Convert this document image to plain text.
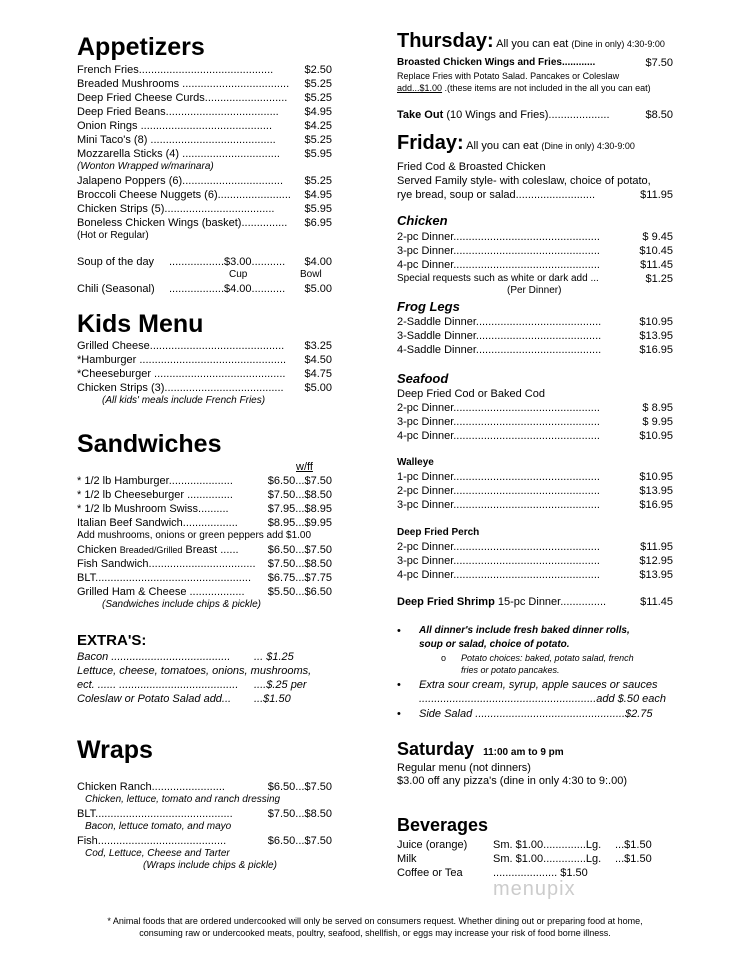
Appetizers
French Fries............................................	$2.50
Breaded Mushrooms ...................................	$5.25
Deep Fried Cheese Curds...........................	$5.25
Deep Fried Beans.....................................	$4.95
Onion Rings ...........................................	$4.25
Mini Taco's (8) .........................................	$5.25
Mozzarella Sticks (4) ................................	$5.95
(Wonton Wrapped w/marinara)
Jalapeno Poppers (6).................................	$5.25
Broccoli Cheese Nuggets (6)........................	$4.95
Chicken Strips (5)....................................	$5.95
Boneless Chicken Wings (basket)...............	$6.95
(Hot or Regular)
Soup of the day ..................$3.00........... $4.00
Cup	Bowl
Chili (Seasonal) ..................$4.00........... $5.00
Kids Menu
Grilled Cheese............................................	$3.25
*Hamburger ................................................	$4.50
*Cheeseburger ...........................................	$4.75
Chicken Strips (3).......................................	$5.00
(All kids' meals include French Fries)
Sandwiches
w/ff
* 1/2 lb Hamburger.....................	$6.50...$7.50
* 1/2 lb Cheeseburger ...............	$7.50...$8.50
* 1/2 lb Mushroom Swiss..........	$7.95...$8.95
Italian Beef Sandwich..................	$8.95...$9.95
Add mushrooms, onions or green peppers add $1.00
Chicken Breaded/Grilled Breast ......	$6.50...$7.50
Fish Sandwich...................................	$7.50...$8.50
BLT...................................................	$6.75...$7.75
Grilled Ham & Cheese ..................	$5.50...$6.50
(Sandwiches include chips & pickle)
EXTRA'S:
Bacon ....................................... ... $1.25
Lettuce, cheese, tomatoes, onions, mushrooms,
ect. ...... ....................................... ....$.25 per
Coleslaw or Potato Salad add... ...$1.50
Wraps
Chicken Ranch........................	$6.50...$7.50
Chicken, lettuce, tomato and ranch dressing
BLT.............................................	$7.50...$8.50
Bacon, lettuce tomato, and mayo
Fish..........................................	$6.50...$7.50
Cod, Lettuce, Cheese and Tarter
(Wraps include chips & pickle)
Thursday: All you can eat (Dine in only) 4:30-9:00
Broasted Chicken Wings and Fries............	$7.50
Replace Fries with Potato Salad. Pancakes or Coleslaw
add...$1.00 .(these items are not included in the all you can eat)
Take Out (10 Wings and Fries)....................	$8.50
Friday: All you can eat (Dine in only) 4:30-9:00
Fried Cod & Broasted Chicken
Served Family style- with coleslaw, choice of potato,
rye bread, soup or salad..........................	$11.95
Chicken
2-pc Dinner................................................	$ 9.45
3-pc Dinner................................................	$10.45
4-pc Dinner................................................	$11.45
Special requests such as white or dark add ...	$1.25
(Per Dinner)
Frog Legs
2-Saddle Dinner.........................................	$10.95
3-Saddle Dinner.........................................	$13.95
4-Saddle Dinner.........................................	$16.95
Seafood
Deep Fried Cod or Baked Cod
2-pc Dinner................................................	$ 8.95
3-pc Dinner................................................	$ 9.95
4-pc Dinner................................................	$10.95
Walleye
1-pc Dinner................................................	$10.95
2-pc Dinner................................................	$13.95
3-pc Dinner................................................	$16.95
Deep Fried Perch
2-pc Dinner................................................	$11.95
3-pc Dinner................................................	$12.95
4-pc Dinner................................................	$13.95
Deep Fried Shrimp 15-pc Dinner...............	$11.45
• All dinner's include fresh baked dinner rolls,
soup or salad, choice of potato.
o Potato choices: baked, potato salad, french
fries or potato pancakes.
• Extra sour cream, syrup, apple sauces or sauces
..........................................................add $.50 each
• Side Salad .................................................$2.75
Saturday 11:00 am to 9 pm
Regular menu (not dinners)
$3.00 off any pizza's (dine in only 4:30 to 9:.00)
Beverages
Juice (orange) Sm. $1.00..............Lg. ...$1.50
Milk	Sm. $1.00..............Lg. ...$1.50
Coffee or Tea	..................... $1.50
menupix
* Animal foods that are ordered undercooked will only be served on consumers request. Whether dining out or preparing food at home,
consuming raw or undercooked meats, poultry, seafood, shellfish, or eggs may increase your risk of food borne illness.
